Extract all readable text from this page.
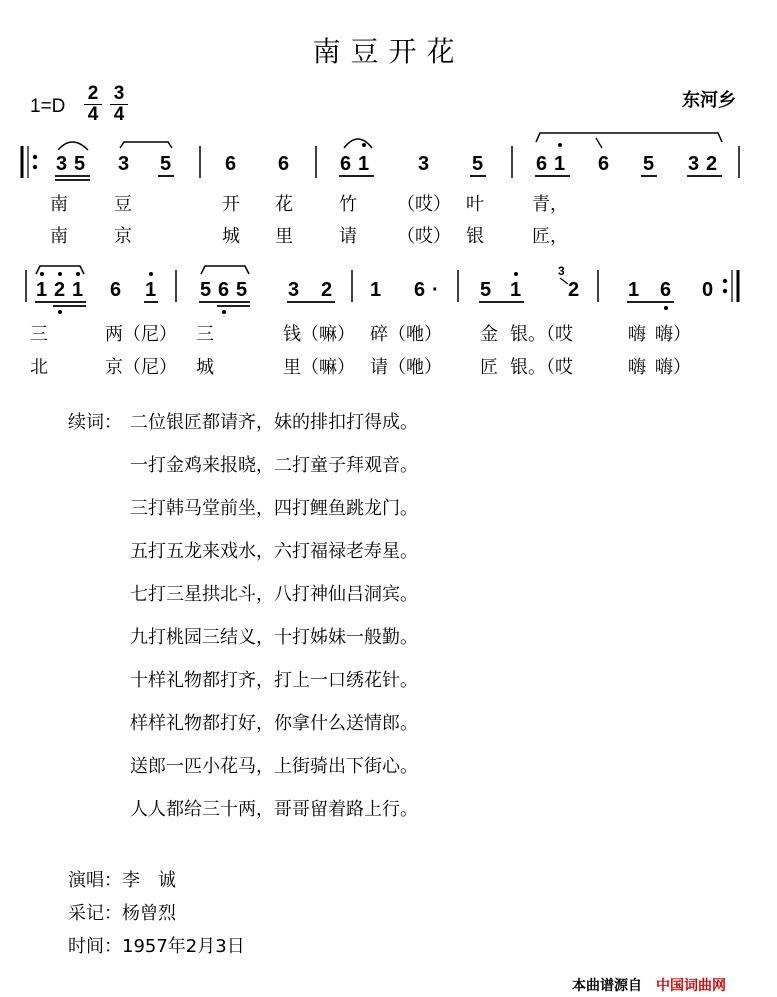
南豆开花
$1=D \frac{2}{4} \frac{3}{4}$	东河乡
3 5 3 5	6 6	6 1 3 5	6 1 6 5 3 2
南	豆	开 花	竹 （哎） 叶	青，
南	京	城 里	请 （哎） 银	匠，
1 2 1 6 1 5 6 5 3 2 1 6 · 5 1
3
2 1 6 0
三	两（尼） 三	钱（嘛） 碎（咃） 金 银。（哎	嗨 嗨）
北	京（尼） 城	里（嘛） 请（咃） 匠 银。（哎	嗨 嗨）
续词： 二位银匠都请齐，妹的排扣打得成。
一打金鸡来报晓，二打童子拜观音。
三打韩马堂前坐，四打鲤鱼跳龙门。
五打五龙来戏水，六打福禄老寿星。
七打三星拱北斗，八打神仙吕洞宾。
九打桃园三结义，十打姊妹一般勤。
十样礼物都打齐，打上一口绣花针。
样样礼物都打好，你拿什么送情郎。
送郎一匹小花马，上街骑出下街心。
人人都给三十两，哥哥留着路上行。
演唱：李　诚
采记：杨曾烈
时间：1957年2月3日
本曲谱源自 中国词曲网
